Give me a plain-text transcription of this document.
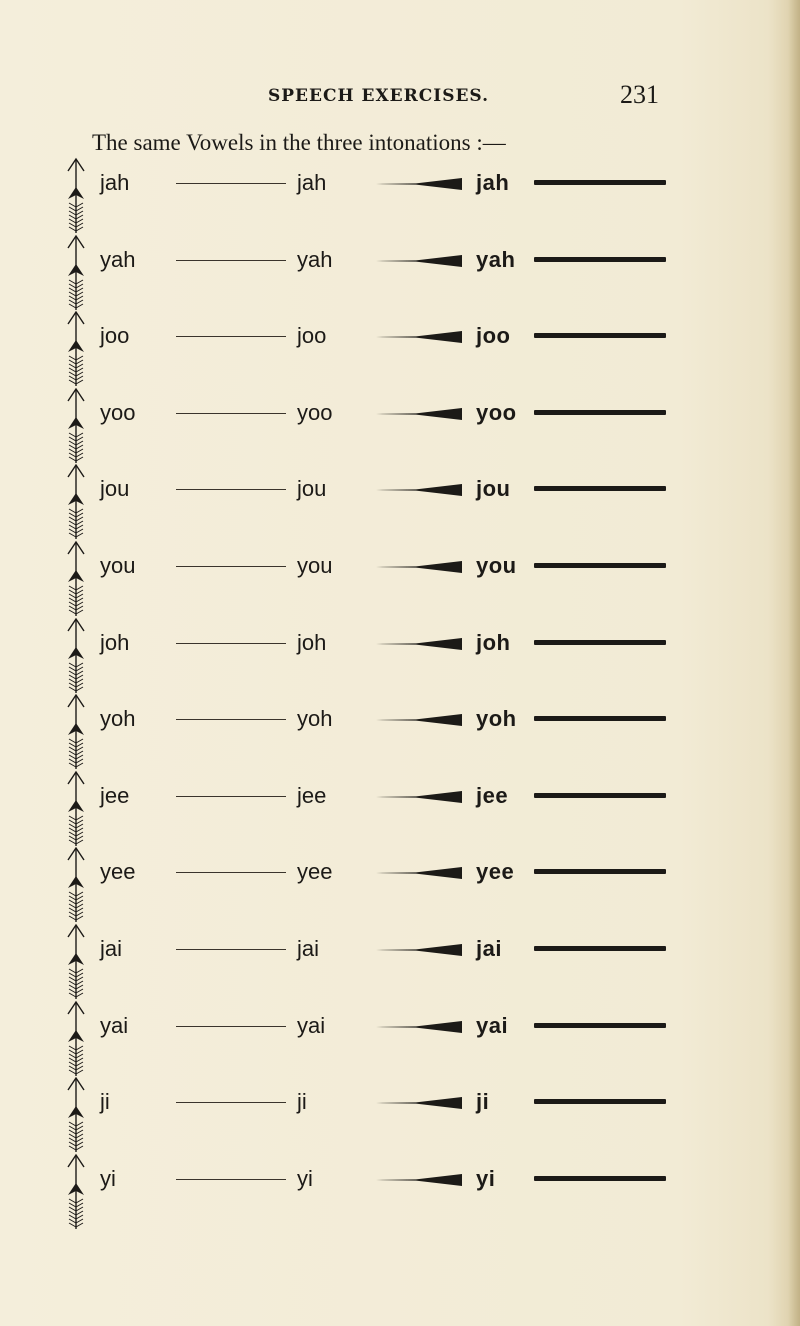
SPEECH EXERCISES.	231
The same Vowels in the three intonations :—
jah	jah	jah
yah	yah	yah
joo	joo	joo
yoo	yoo	yoo
jou	jou	jou
you	you	you
joh	joh	joh
yoh	yoh	yoh
jee	jee	jee
yee	yee	yee
jai	jai	jai
yai	yai	yai
ji	ji	ji
yi	yi	yi
